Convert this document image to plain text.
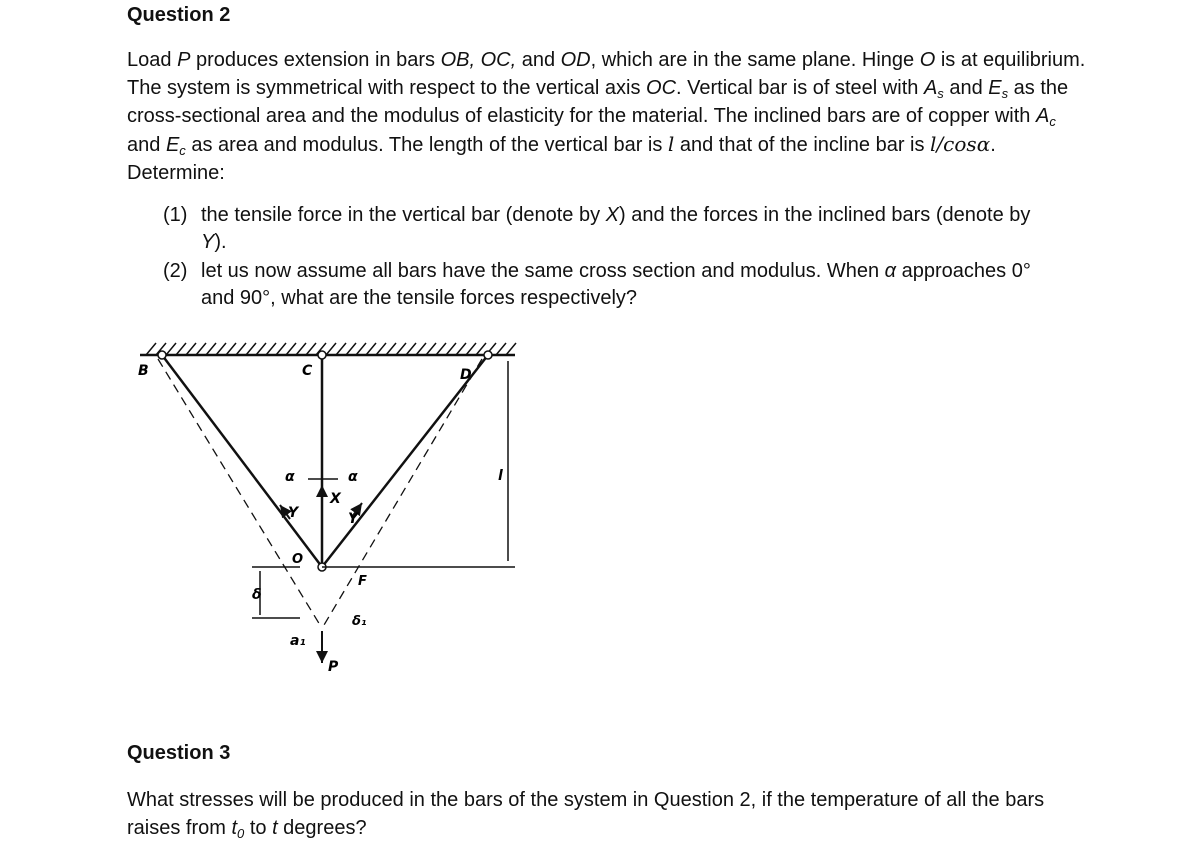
Question 2

Load P produces extension in bars OB, OC, and OD, which are in the same plane. Hinge O is at equilibrium. The system is symmetrical with respect to the vertical axis OC. Vertical bar is of steel with $A_s$ and $E_s$ as the cross-sectional area and the modulus of elasticity for the material. The inclined bars are of copper with $A_c$ and $E_c$ as area and modulus. The length of the vertical bar is l and that of the incline bar is l/cosα. Determine:

(1) the tensile force in the vertical bar (denote by X) and the forces in the inclined bars (denote by Y).
(2) let us now assume all bars have the same cross section and modulus. When α approaches 0° and 90°, what are the tensile forces respectively?
B	C	D
O
α	α
X
Y	Y
F
δ
δ₁
a₁
P
l
Question 3

What stresses will be produced in the bars of the system in Question 2, if the temperature of all the bars raises from $t_0$ to t degrees?
